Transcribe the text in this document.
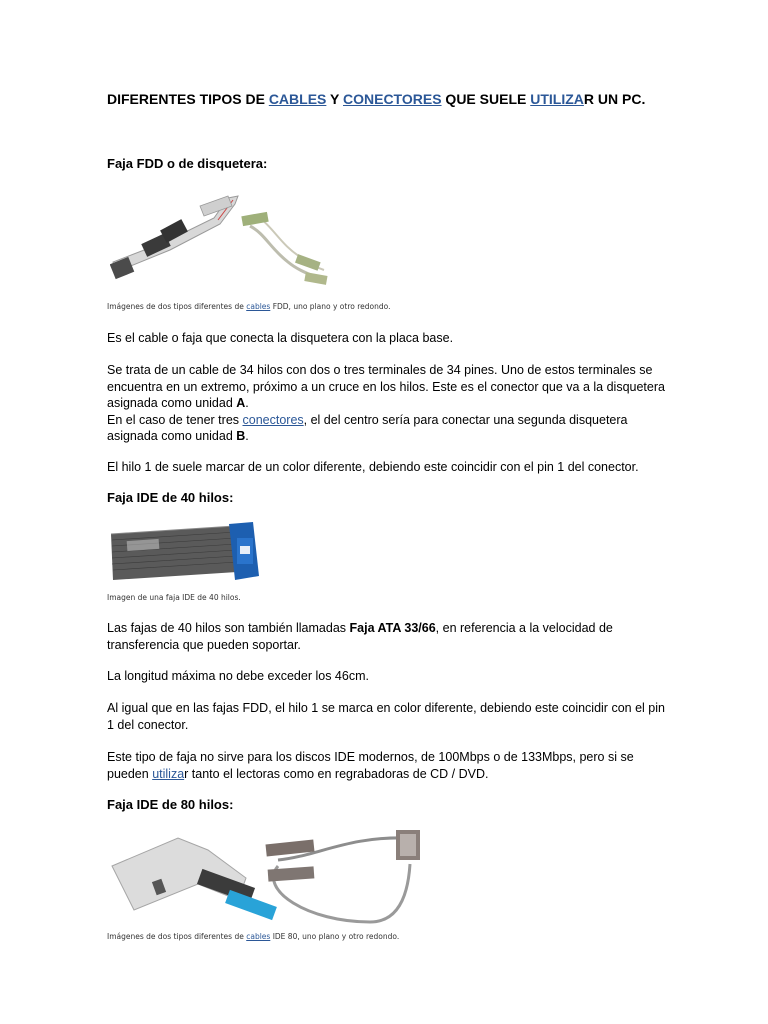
DIFERENTES TIPOS DE CABLES Y CONECTORES QUE SUELE UTILIZAR UN PC.
Faja FDD o de disquetera:
Imágenes de dos tipos diferentes de cables FDD, uno plano y otro redondo.
Es el cable o faja que conecta la disquetera con la placa base.
Se trata de un cable de 34 hilos con dos o tres terminales de 34 pines. Uno de estos terminales se encuentra en un extremo, próximo a un cruce en los hilos. Este es el conector que va a la disquetera asignada como unidad A.
En el caso de tener tres conectores, el del centro sería para conectar una segunda disquetera asignada como unidad B.
El hilo 1 de suele marcar de un color diferente, debiendo este coincidir con el pin 1 del conector.
Faja IDE de 40 hilos:
Imagen de una faja IDE de 40 hilos.
Las fajas de 40 hilos son también llamadas Faja ATA 33/66, en referencia a la velocidad de transferencia que pueden soportar.
La longitud máxima no debe exceder los 46cm.
Al igual que en las fajas FDD, el hilo 1 se marca en color diferente, debiendo este coincidir con el pin 1 del conector.
Este tipo de faja no sirve para los discos IDE modernos, de 100Mbps o de 133Mbps, pero si se pueden utilizar tanto el lectoras como en regrabadoras de CD / DVD.
Faja IDE de 80 hilos:
Imágenes de dos tipos diferentes de cables IDE 80, uno plano y otro redondo.
